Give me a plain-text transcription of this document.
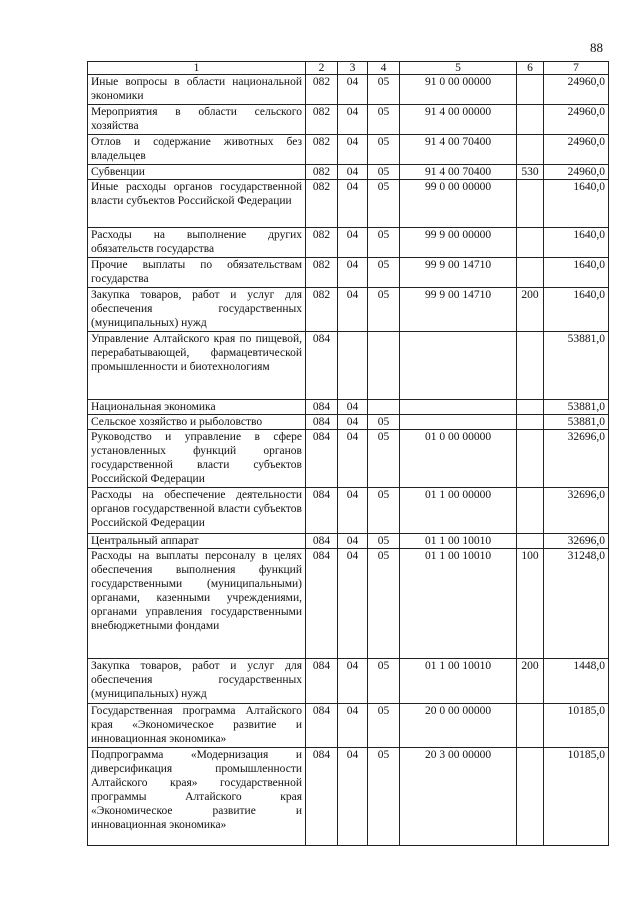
88
1	2	3	4	5	6	7
Иные вопросы в области национальной экономики	082	04	05	91 0 00 00000		24960,0
Мероприятия в области сельского хозяйства	082	04	05	91 4 00 00000		24960,0
Отлов и содержание животных без владельцев	082	04	05	91 4 00 70400		24960,0
Субвенции	082	04	05	91 4 00 70400	530	24960,0
Иные расходы органов государственной власти субъектов Российской Федерации	082	04	05	99 0 00 00000		1640,0
Расходы на выполнение других обязательств государства	082	04	05	99 9 00 00000		1640,0
Прочие выплаты по обязательствам государства	082	04	05	99 9 00 14710		1640,0
Закупка товаров, работ и услуг для обеспечения государственных (муниципальных) нужд	082	04	05	99 9 00 14710	200	1640,0
Управление Алтайского края по пищевой, перерабатывающей, фармацевтической промышленности и биотехнологиям	084					53881,0
Национальная экономика	084	04				53881,0
Сельское хозяйство и рыболовство	084	04	05			53881,0
Руководство и управление в сфере установленных функций органов государственной власти субъектов Российской Федерации	084	04	05	01 0 00 00000		32696,0
Расходы на обеспечение деятельности органов государственной власти субъектов Российской Федерации	084	04	05	01 1 00 00000		32696,0
Центральный аппарат	084	04	05	01 1 00 10010		32696,0
Расходы на выплаты персоналу в целях обеспечения выполнения функций государственными (муниципальными) органами, казенными учреждениями, органами управления государственными внебюджетными фондами	084	04	05	01 1 00 10010	100	31248,0
Закупка товаров, работ и услуг для обеспечения государственных (муниципальных) нужд	084	04	05	01 1 00 10010	200	1448,0
Государственная программа Алтайского края «Экономическое развитие и инновационная экономика»	084	04	05	20 0 00 00000		10185,0
Подпрограмма «Модернизация и диверсификация промышленности Алтайского края» государственной программы Алтайского края «Экономическое развитие и инновационная экономика»	084	04	05	20 3 00 00000		10185,0
